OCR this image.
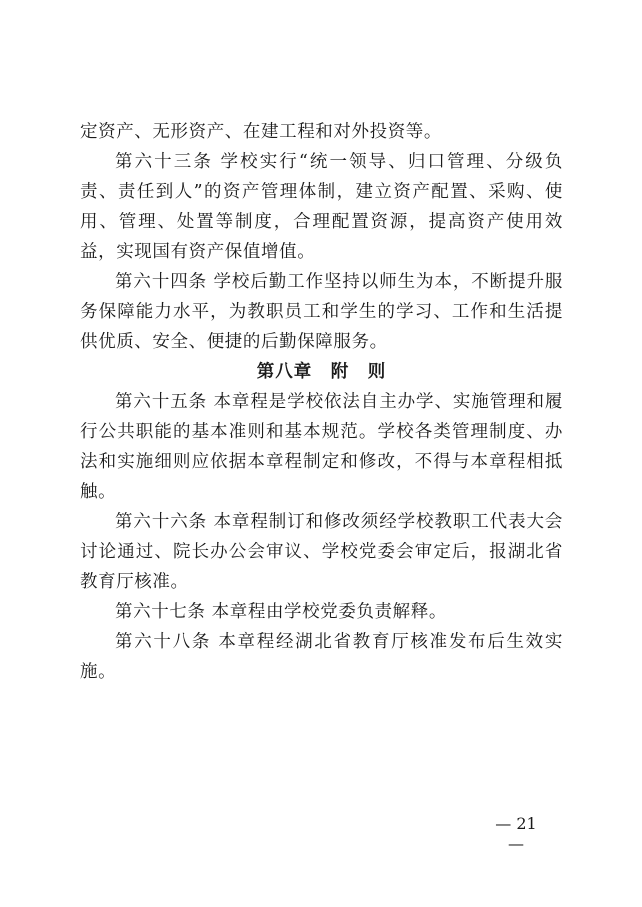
定资产、无形资产、在建工程和对外投资等。

第六十三条 学校实行“统一领导、归口管理、分级负责、责任到人”的资产管理体制，建立资产配置、采购、使用、管理、处置等制度，合理配置资源，提高资产使用效益，实现国有资产保值增值。

第六十四条 学校后勤工作坚持以师生为本，不断提升服务保障能力水平，为教职员工和学生的学习、工作和生活提供优质、安全、便捷的后勤保障服务。

第八章　附　则

第六十五条 本章程是学校依法自主办学、实施管理和履行公共职能的基本准则和基本规范。学校各类管理制度、办法和实施细则应依据本章程制定和修改，不得与本章程相抵触。

第六十六条 本章程制订和修改须经学校教职工代表大会讨论通过、院长办公会审议、学校党委会审定后，报湖北省教育厅核准。

第六十七条 本章程由学校党委负责解释。

第六十八条 本章程经湖北省教育厅核准发布后生效实施。

— 21 —
